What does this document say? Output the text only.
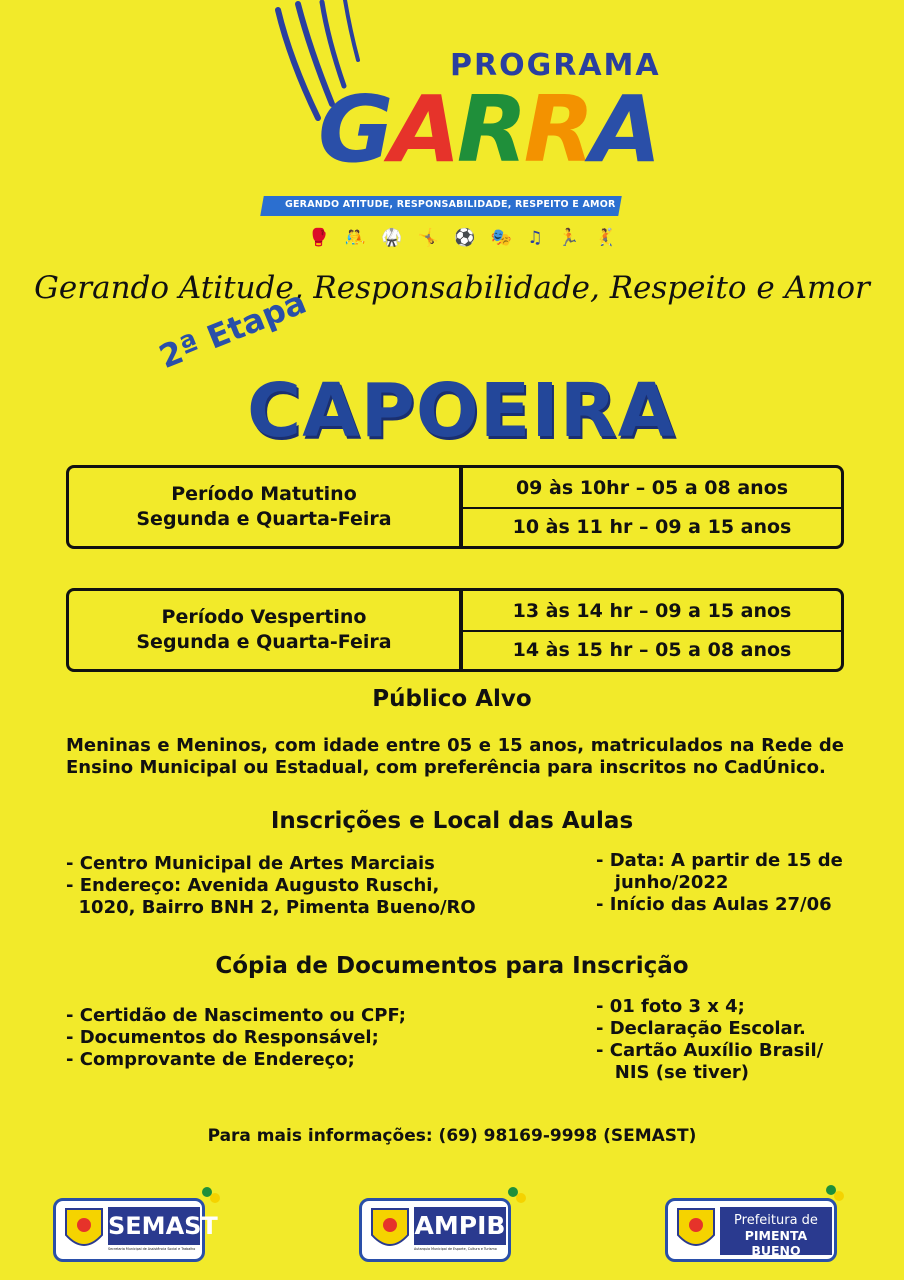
PROGRAMA
GARRA
GERANDO ATITUDE, RESPONSABILIDADE, RESPEITO E AMOR
🥊 🤼 🥋 🤸 ⚽ 🎭 ♫ 🏃 🤾
Gerando Atitude, Responsabilidade, Respeito e Amor
2ª Etapa
CAPOEIRA
Período Matutino
Segunda e Quarta-Feira
09 às 10hr – 05 a 08 anos
10 às 11 hr – 09 a 15 anos
Período Vespertino
Segunda e Quarta-Feira
13 às 14 hr – 09 a 15 anos
14 às 15 hr – 05 a 08 anos
Público Alvo
Meninas e Meninos, com idade entre 05 e 15 anos, matriculados na Rede de Ensino Municipal ou Estadual, com preferência para inscritos no CadÚnico.
Inscrições e Local das Aulas
- Centro Municipal de Artes Marciais
- Endereço: Avenida Augusto Ruschi,
1020, Bairro BNH 2, Pimenta Bueno/RO
- Data: A partir de 15 de
junho/2022
- Início das Aulas 27/06
Cópia de Documentos para Inscrição
- Certidão de Nascimento ou CPF;
- Documentos do Responsável;
- Comprovante de Endereço;
- 01 foto 3 x 4;
- Declaração Escolar.
- Cartão Auxílio Brasil/
NIS (se tiver)
Para mais informações: (69) 98169-9998 (SEMAST)
SEMAST
Secretaria Municipal de Assistência Social e Trabalho
AMPIB
Autarquia Municipal de Esporte, Cultura e Turismo
Prefeitura de
PIMENTA BUENO
